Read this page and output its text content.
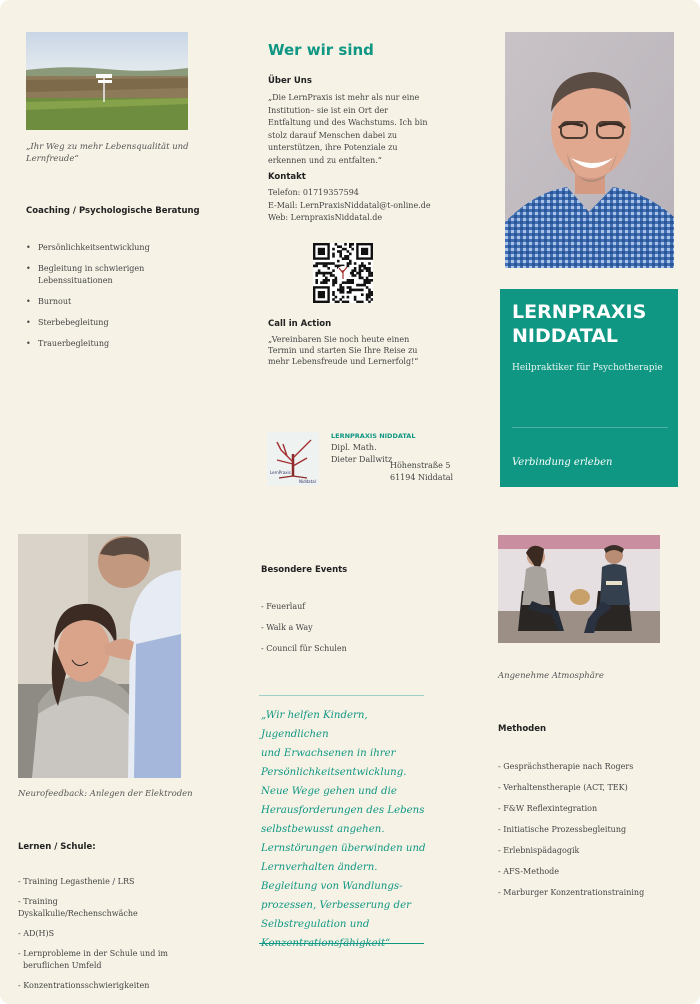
„Ihr Weg zu mehr Lebensqualität und Lernfreude“
Coaching / Psychologische Beratung
• Persönlichkeitsentwicklung
• Begleitung in schwierigen Lebenssituationen
• Burnout
• Sterbebegleitung
• Trauerbegleitung
Wer wir sind
Über Uns
„Die LernPraxis ist mehr als nur eine Institution– sie ist ein Ort der Entfaltung und des Wachstums. Ich bin stolz darauf Menschen dabei zu unterstützen, ihre Potenziale zu erkennen und zu entfalten.“
Kontakt
Telefon: 01719357594
E-Mail: LernPraxisNiddatal@t-online.de
Web: LernpraxisNiddatal.de
Call in Action
„Vereinbaren Sie noch heute einen Termin und starten Sie Ihre Reise zu mehr Lebensfreude und Lernerfolg!“
LernPraxis
Niddatal
LERNPRAXIS NIDDATAL
Dipl. Math.
Dieter Dallwitz
Höhenstraße 5
61194 Niddatal
LERNPRAXIS
NIDDATAL
Heilpraktiker für Psychotherapie
Verbindung erleben
Neurofeedback: Anlegen der Elektroden
Lernen / Schule:
- Training Legasthenie / LRS
- Training Dyskalkulie/Rechenschwäche
- AD(H)S
- Lernprobleme in der Schule und im beruflichen Umfeld
- Konzentrationsschwierigkeiten
Besondere Events
- Feuerlauf
- Walk a Way
- Council für Schulen
„Wir helfen Kindern, Jugendlichen
und Erwachsenen in ihrer
Persönlichkeitsentwicklung.
Neue Wege gehen und die
Herausforderungen des Lebens
selbstbewusst angehen.
Lernstörungen überwinden und
Lernverhalten ändern.
Begleitung von Wandlungs-
prozessen, Verbesserung der
Selbstregulation und
Angenehme Atmosphäre
Methoden
- Gesprächstherapie nach Rogers
- Verhaltenstherapie (ACT, TEK)
- F&W Reflexintegration
- Initiatische Prozessbegleitung
- Erlebnispädagogik
- AFS-Methode
- Marburger Konzentrationstraining
